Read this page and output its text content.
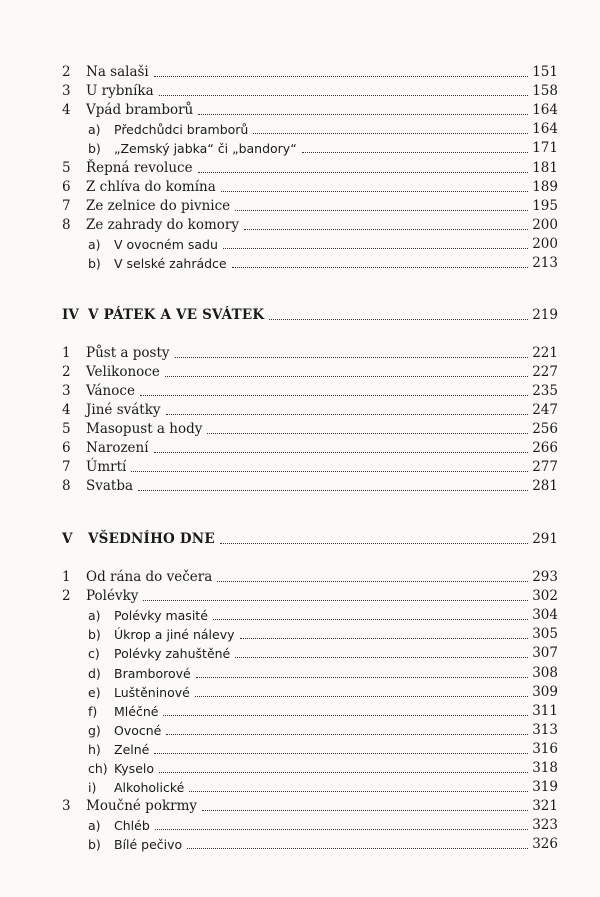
2	Na salaši	151
3	U rybníka	158
4	Vpád bramborů	164
a)	Předchůdci bramborů	164
b)	„Zemský jabka“ či „bandory“	171
5	Řepná revoluce	181
6	Z chlíva do komína	189
7	Ze zelnice do pivnice	195
8	Ze zahrady do komory	200
a)	V ovocném sadu	200
b)	V selské zahrádce	213
IV V PÁTEK A VE SVÁTEK	219
1	Půst a posty	221
2	Velikonoce	227
3	Vánoce	235
4	Jiné svátky	247
5	Masopust a hody	256
6	Narození	266
7	Úmrtí	277
8	Svatba	281
V	VŠEDNÍHO DNE	291
1	Od rána do večera	293
2	Polévky	302
a)	Polévky masité	304
b)	Úkrop a jiné nálevy	305
c)	Polévky zahuštěné	307
d)	Bramborové	308
e)	Luštěninové	309
f)	Mléčné	311
g)	Ovocné	313
h)	Zelné	316
ch) Kyselo	318
i)	Alkoholické	319
3	Moučné pokrmy	321
a)	Chléb	323
b)	Bílé pečivo	326
